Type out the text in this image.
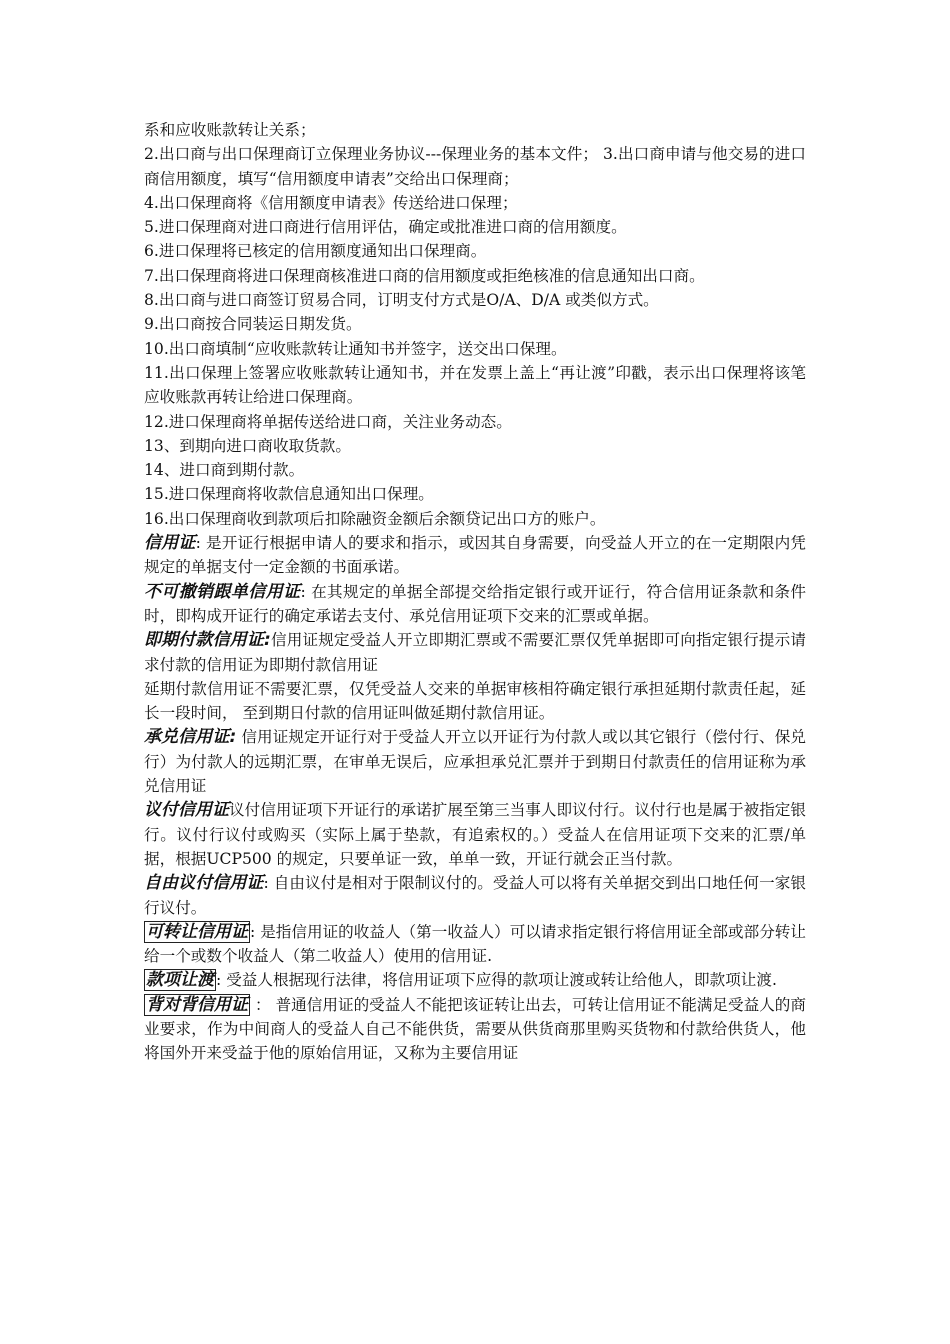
系和应收账款转让关系；

2.出口商与出口保理商订立保理业务协议---保理业务的基本文件； 3.出口商申请与他交易的进口商信用额度，填写“信用额度申请表”交给出口保理商；

4.出口保理商将《信用额度申请表》传送给进口保理；

5.进口保理商对进口商进行信用评估，确定或批准进口商的信用额度。

6.进口保理将已核定的信用额度通知出口保理商。

7.出口保理商将进口保理商核准进口商的信用额度或拒绝核准的信息通知出口商。

8.出口商与进口商签订贸易合同，订明支付方式是O/A、D/A 或类似方式。

9.出口商按合同装运日期发货。

10.出口商填制“应收账款转让通知书并签字，送交出口保理。

11.出口保理上签署应收账款转让通知书，并在发票上盖上“再让渡”印戳，表示出口保理将该笔应收账款再转让给进口保理商。

12.进口保理商将单据传送给进口商，关注业务动态。

13、到期向进口商收取货款。

14、进口商到期付款。

15.进口保理商将收款信息通知出口保理。

16.出口保理商收到款项后扣除融资金额后余额贷记出口方的账户。

信用证: 是开证行根据申请人的要求和指示，或因其自身需要，向受益人开立的在一定期限内凭规定的单据支付一定金额的书面承诺。

不可撤销跟单信用证: 在其规定的单据全部提交给指定银行或开证行，符合信用证条款和条件时，即构成开证行的确定承诺去支付、承兑信用证项下交来的汇票或单据。

即期付款信用证:信用证规定受益人开立即期汇票或不需要汇票仅凭单据即可向指定银行提示请求付款的信用证为即期付款信用证

延期付款信用证不需要汇票，仅凭受益人交来的单据审核相符确定银行承担延期付款责任起，延长一段时间， 至到期日付款的信用证叫做延期付款信用证。

承兑信用证: 信用证规定开证行对于受益人开立以开证行为付款人或以其它银行（偿付行、保兑行）为付款人的远期汇票，在审单无误后，应承担承兑汇票并于到期日付款责任的信用证称为承兑信用证

议付信用证议付信用证项下开证行的承诺扩展至第三当事人即议付行。议付行也是属于被指定银行。议付行议付或购买（实际上属于垫款，有追索权的。）受益人在信用证项下交来的汇票/单据，根据UCP500 的规定，只要单证一致，单单一致，开证行就会正当付款。

自由议付信用证: 自由议付是相对于限制议付的。受益人可以将有关单据交到出口地任何一家银行议付。

可转让信用证 : 是指信用证的收益人（第一收益人）可以请求指定银行将信用证全部或部分转让给一个或数个收益人（第二收益人）使用的信用证.

款项让渡 : 受益人根据现行法律，将信用证项下应得的款项让渡或转让给他人，即款项让渡.

背对背信用证 ： 普通信用证的受益人不能把该证转让出去，可转让信用证不能满足受益人的商业要求，作为中间商人的受益人自己不能供货，需要从供货商那里购买货物和付款给供货人，他将国外开来受益于他的原始信用证，又称为主要信用证
